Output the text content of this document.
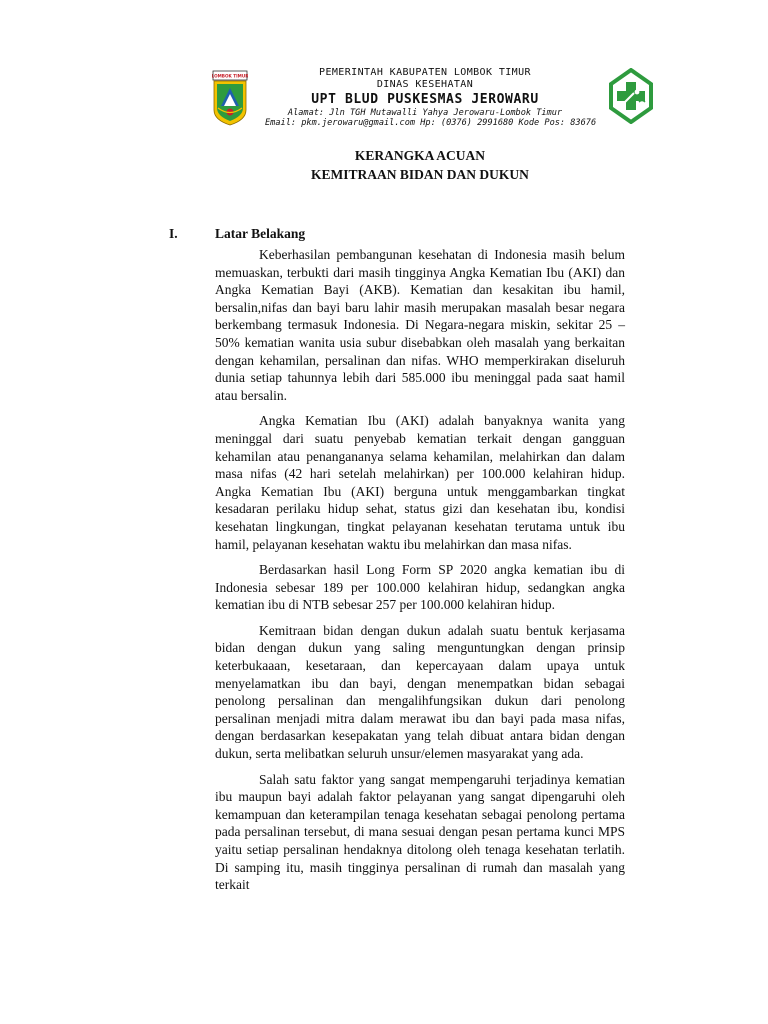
LOMBOK TIMUR	PEMERINTAH KABUPATEN LOMBOK TIMUR
DINAS KESEHATAN
UPT BLUD PUSKESMAS JEROWARU
Alamat: Jln TGH Mutawalli Yahya Jerowaru-Lombok Timur
Email: pkm.jerowaru@gmail.com Hp: (0376) 2991680 Kode Pos: 83676
KERANGKA ACUAN
KEMITRAAN BIDAN DAN DUKUN
I.	Latar Belakang

Keberhasilan pembangunan kesehatan di Indonesia masih belum memuaskan, terbukti dari masih tingginya Angka Kematian Ibu (AKI) dan Angka Kematian Bayi (AKB). Kematian dan kesakitan ibu hamil, bersalin,nifas dan bayi baru lahir masih merupakan masalah besar negara berkembang termasuk Indonesia. Di Negara-negara miskin, sekitar 25 – 50% kematian wanita usia subur disebabkan oleh masalah yang berkaitan dengan kehamilan, persalinan dan nifas. WHO memperkirakan diseluruh dunia setiap tahunnya lebih dari 585.000 ibu meninggal pada saat hamil atau bersalin.

Angka Kematian Ibu (AKI) adalah banyaknya wanita yang meninggal dari suatu penyebab kematian terkait dengan gangguan kehamilan atau penangananya selama kehamilan, melahirkan dan dalam masa nifas (42 hari setelah melahirkan) per 100.000 kelahiran hidup. Angka Kematian Ibu (AKI) berguna untuk menggambarkan tingkat kesadaran perilaku hidup sehat, status gizi dan kesehatan ibu, kondisi kesehatan lingkungan, tingkat pelayanan kesehatan terutama untuk ibu hamil, pelayanan kesehatan waktu ibu melahirkan dan masa nifas.

Berdasarkan hasil Long Form SP 2020 angka kematian ibu di Indonesia sebesar 189 per 100.000 kelahiran hidup, sedangkan angka kematian ibu di NTB sebesar 257 per 100.000 kelahiran hidup.

Kemitraan bidan dengan dukun adalah suatu bentuk kerjasama bidan dengan dukun yang saling menguntungkan dengan prinsip keterbukaaan, kesetaraan, dan kepercayaan dalam upaya untuk menyelamatkan ibu dan bayi, dengan menempatkan bidan sebagai penolong persalinan dan mengalihfungsikan dukun dari penolong persalinan menjadi mitra dalam merawat ibu dan bayi pada masa nifas, dengan berdasarkan kesepakatan yang telah dibuat antara bidan dengan dukun, serta melibatkan seluruh unsur/elemen masyarakat yang ada.

Salah satu faktor yang sangat mempengaruhi terjadinya kematian ibu maupun bayi adalah faktor pelayanan yang sangat dipengaruhi oleh kemampuan dan keterampilan tenaga kesehatan sebagai penolong pertama pada persalinan tersebut, di mana sesuai dengan pesan pertama kunci MPS yaitu setiap persalinan hendaknya ditolong oleh tenaga kesehatan terlatih. Di samping itu, masih tingginya persalinan di rumah dan masalah yang terkait
